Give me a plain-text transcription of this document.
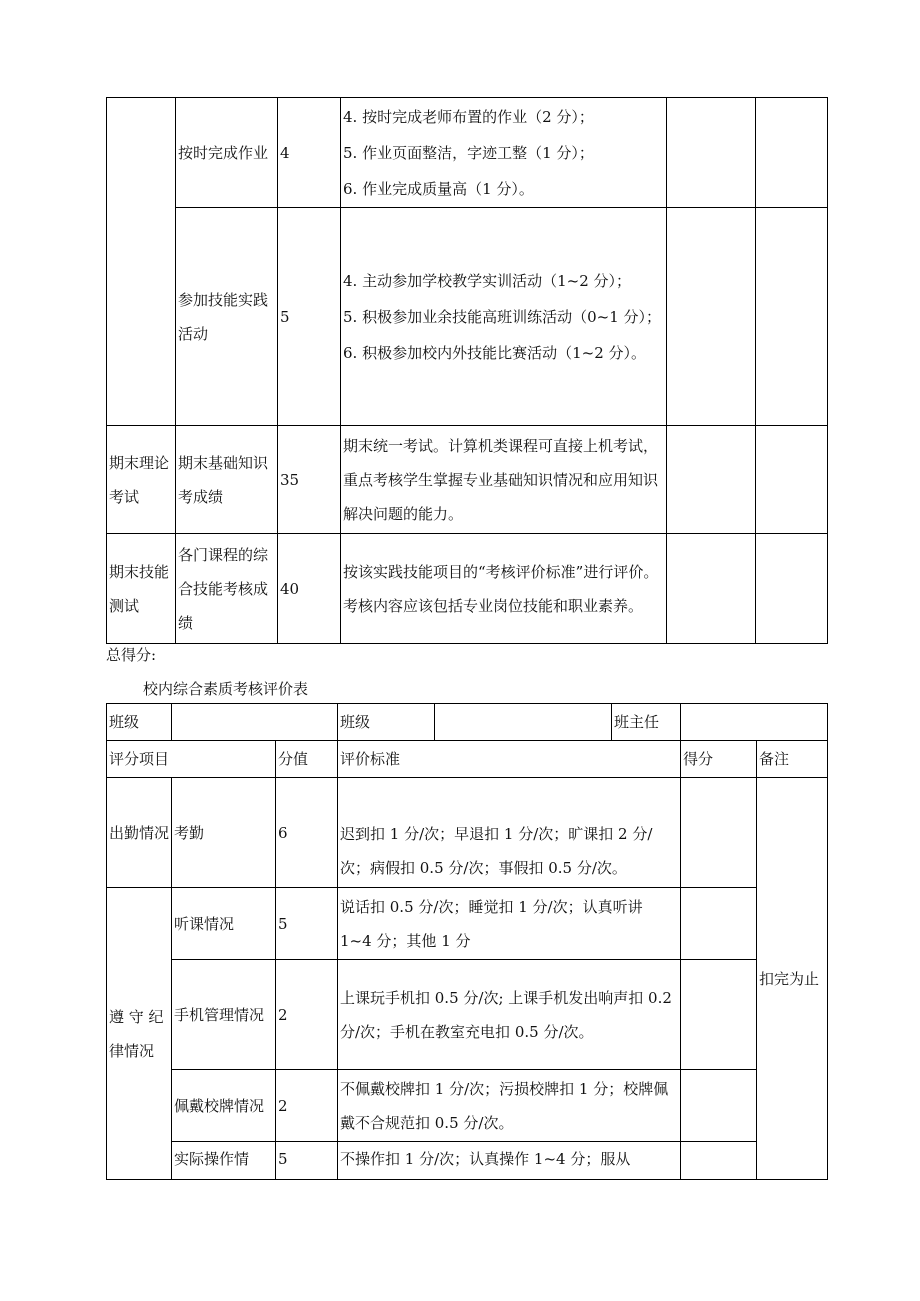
	按时完成作业	4	4. 按时完成老师布置的作业（2 分）；
5. 作业页面整洁，字迹工整（1 分）；
6. 作业完成质量高（1 分）。		

	参加技能实践活动	5	4. 主动参加学校教学实训活动（1~2 分）；
5. 积极参加业余技能高班训练活动（0~1 分）；
6. 积极参加校内外技能比赛活动（1~2 分）。		

期末理论考试	期末基础知识考成绩	35	期末统一考试。计算机类课程可直接上机考试，重点考核学生掌握专业基础知识情况和应用知识解决问题的能力。		
期末技能测试	各门课程的综合技能考核成绩	40	按该实践技能项目的“考核评价标准”进行评价。考核内容应该包括专业岗位技能和职业素养。		
总得分:
校内综合素质考核评价表
班级			班级		班主任		
评分项目		分值	评价标准			得分	备注
出勤情况	考勤	6	迟到扣 1 分/次；早退扣 1 分/次；旷课扣 2 分/次；病假扣 0.5 分/次；事假扣 0.5 分/次。				扣完为止
遵 守 纪律情况	听课情况	5	说话扣 0.5 分/次；睡觉扣 1 分/次；认真听讲 1~4 分；其他 1 分				
	手机管理情况	2	上课玩手机扣 0.5 分/次; 上课手机发出响声扣 0.2 分/次；手机在教室充电扣 0.5 分/次。				
	佩戴校牌情况	2	不佩戴校牌扣 1 分/次；污损校牌扣 1 分；校牌佩戴不合规范扣 0.5 分/次。				
	实际操作情	5	不操作扣 1 分/次；认真操作 1~4 分；服从				
